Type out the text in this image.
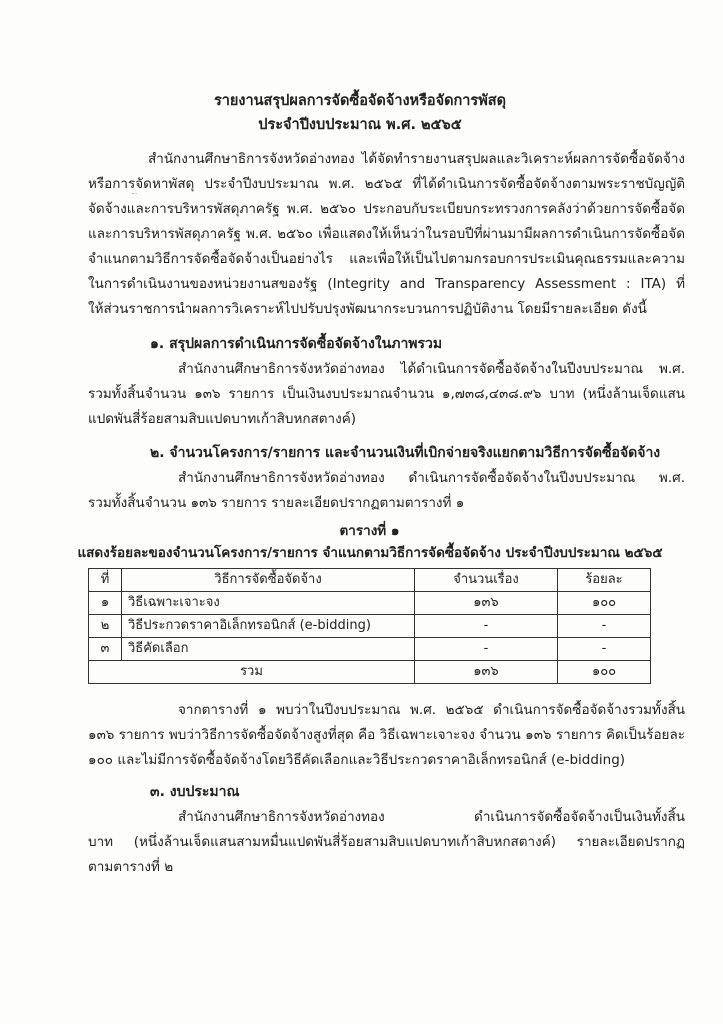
รายงานสรุปผลการจัดซื้อจัดจ้างหรือจัดการพัสดุ
ประจำปีงบประมาณ พ.ศ. ๒๕๖๕
สำนักงานศึกษาธิการจังหวัดอ่างทอง ได้จัดทำรายงานสรุปผลและวิเคราะห์ผลการจัดซื้อจัดจ้าง
หรือการจัดหาพัสดุ ประจำปีงบประมาณ พ.ศ. ๒๕๖๕ ที่ได้ดำเนินการจัดซื้อจัดจ้างตามพระราชบัญญัติ
จัดจ้างและการบริหารพัสดุภาครัฐ พ.ศ. ๒๕๖๐ ประกอบกับระเบียบกระทรวงการคลังว่าด้วยการจัดซื้อจัด
และการบริหารพัสดุภาครัฐ พ.ศ. ๒๕๖๐ เพื่อแสดงให้เห็นว่าในรอบปีที่ผ่านมามีผลการดำเนินการจัดซื้อจัด
จำแนกตามวิธีการจัดซื้อจัดจ้างเป็นอย่างไร และเพื่อให้เป็นไปตามกรอบการประเมินคุณธรรมและความ
ในการดำเนินงานของหน่วยงานสของรัฐ (Integrity and Transparency Assessment : ITA) ที่
ให้ส่วนราชการนำผลการวิเคราะห์ไปปรับปรุงพัฒนากระบวนการปฏิบัติงาน โดยมีรายละเอียด ดังนี้
๑. สรุปผลการดำเนินการจัดซื้อจัดจ้างในภาพรวม
สำนักงานศึกษาธิการจังหวัดอ่างทอง ได้ดำเนินการจัดซื้อจัดจ้างในปีงบประมาณ พ.ศ.
รวมทั้งสิ้นจำนวน ๑๓๖ รายการ เป็นเงินงบประมาณจำนวน ๑,๗๓๘,๔๓๘.๙๖ บาท (หนึ่งล้านเจ็ดแสน
แปดพันสี่ร้อยสามสิบแปดบาทเก้าสิบหกสตางค์)
๒. จำนวนโครงการ/รายการ และจำนวนเงินที่เบิกจ่ายจริงแยกตามวิธีการจัดซื้อจัดจ้าง
สำนักงานศึกษาธิการจังหวัดอ่างทอง ดำเนินการจัดซื้อจัดจ้างในปีงบประมาณ พ.ศ.
รวมทั้งสิ้นจำนวน ๑๓๖ รายการ รายละเอียดปรากฏตามตารางที่ ๑
ตารางที่ ๑
แสดงร้อยละของจำนวนโครงการ/รายการ จำแนกตามวิธีการจัดซื้อจัดจ้าง ประจำปีงบประมาณ ๒๕๖๕
ที่	วิธีการจัดซื้อจัดจ้าง	จำนวนเรื่อง	ร้อยละ
๑	วิธีเฉพาะเจาะจง	๑๓๖	๑๐๐
๒	วิธีประกวดราคาอิเล็กทรอนิกส์ (e-bidding)	-	-
๓	วิธีคัดเลือก	-	-
รวม		๑๓๖	๑๐๐
จากตารางที่ ๑ พบว่าในปีงบประมาณ พ.ศ. ๒๕๖๕ ดำเนินการจัดซื้อจัดจ้างรวมทั้งสิ้น
๑๓๖ รายการ พบว่าวิธีการจัดซื้อจัดจ้างสูงที่สุด คือ วิธีเฉพาะเจาะจง จำนวน ๑๓๖ รายการ คิดเป็นร้อยละ
๑๐๐ และไม่มีการจัดซื้อจัดจ้างโดยวิธีคัดเลือกและวิธีประกวดราคาอิเล็กทรอนิกส์ (e-bidding)
๓. งบประมาณ
สำนักงานศึกษาธิการจังหวัดอ่างทอง ดำเนินการจัดซื้อจัดจ้างเป็นเงินทั้งสิ้น
บาท (หนึ่งล้านเจ็ดแสนสามหมื่นแปดพันสี่ร้อยสามสิบแปดบาทเก้าสิบหกสตางค์) รายละเอียดปรากฏ
ตามตารางที่ ๒
